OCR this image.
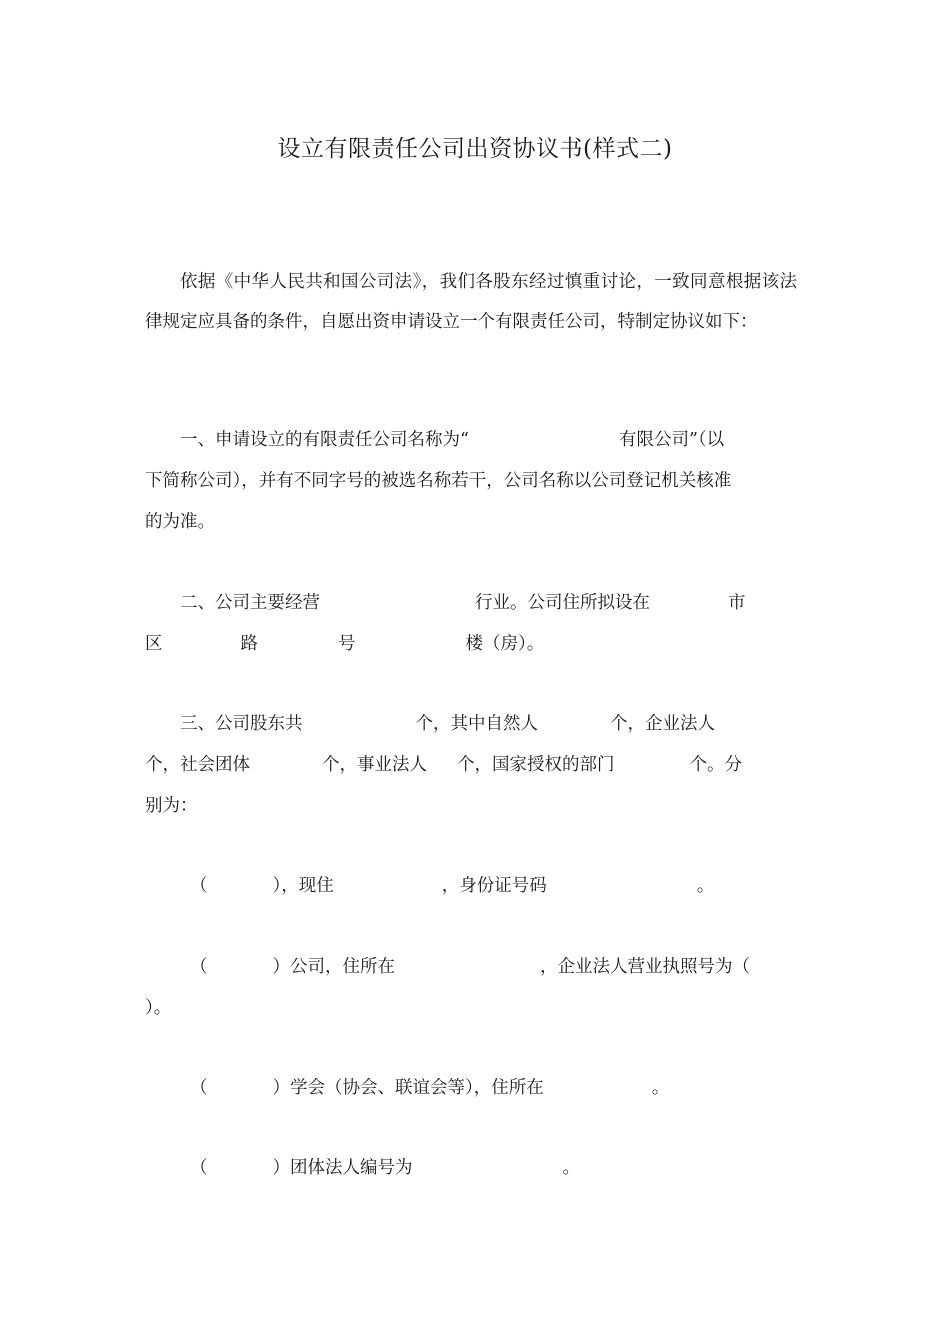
设立有限责任公司出资协议书(样式二)

依据《中华人民共和国公司法》，我们各股东经过慎重讨论，一致同意根据该法律规定应具备的条件，自愿出资申请设立一个有限责任公司，特制定协议如下：

一、申请设立的有限责任公司名称为“	有限公司”（以
下简称公司），并有不同字号的被选名称若干，公司名称以公司登记机关核准
的为准。
二、公司主要经营	行业。公司住所拟设在	市
区	路	号	楼（房）。
三、公司股东共	个，其中自然人	个，企业法人
个，社会团体	个，事业法人 个，国家授权的部门	个。分
别为：
（	），现住	，身份证号码	。
（	）公司，住所在	，企业法人营业执照号为（
）。
（	）学会（协会、联谊会等），住所在	。
（	）团体法人编号为	。
